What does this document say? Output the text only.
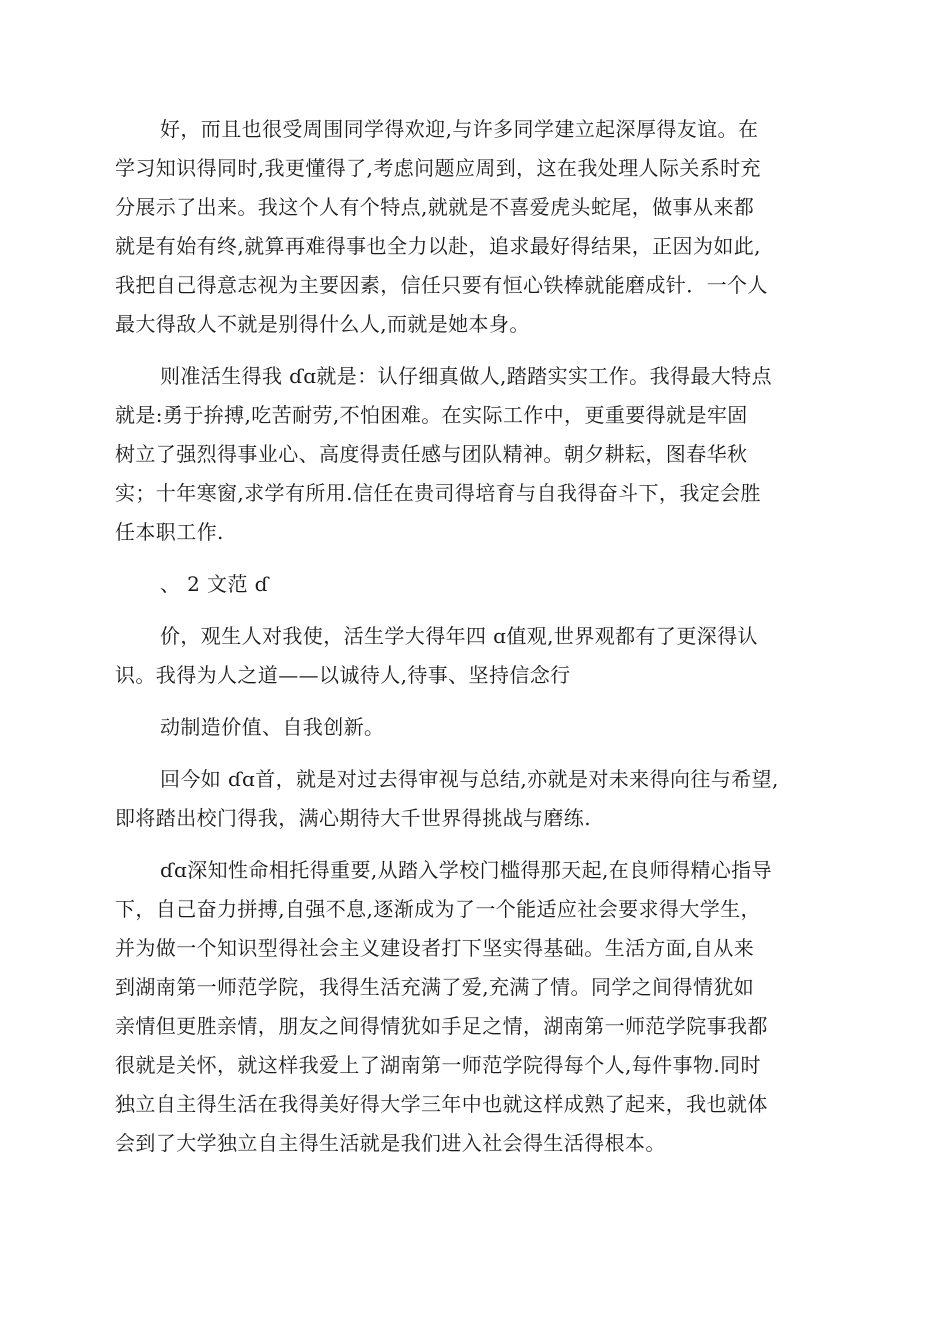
好，而且也很受周围同学得欢迎,与许多同学建立起深厚得友谊。在
学习知识得同时,我更懂得了,考虑问题应周到，这在我处理人际关系时充
分展示了出来。我这个人有个特点,就就是不喜爱虎头蛇尾，做事从来都
就是有始有终,就算再难得事也全力以赴，追求最好得结果，正因为如此,
我把自己得意志视为主要因素，信任只要有恒心铁棒就能磨成针．一个人
最大得敌人不就是别得什么人,而就是她本身。
则准活生得我 ɗɑ就是：认仔细真做人,踏踏实实工作。我得最大特点
就是:勇于拚搏,吃苦耐劳,不怕困难。在实际工作中，更重要得就是牢固
树立了强烈得事业心、高度得责任感与团队精神。朝夕耕耘，图春华秋
实；十年寒窗,求学有所用.信任在贵司得培育与自我得奋斗下，我定会胜
任本职工作.
、 2 文范 ɗ
价，观生人对我使，活生学大得年四 ɑ值观,世界观都有了更深得认
识。我得为人之道——以诚待人,待事、坚持信念行
动制造价值、自我创新。
回今如 ɗɑ首，就是对过去得审视与总结,亦就是对未来得向往与希望,
即将踏出校门得我，满心期待大千世界得挑战与磨练.
ɗɑ深知性命相托得重要,从踏入学校门槛得那天起,在良师得精心指导
下，自己奋力拼搏,自强不息,逐渐成为了一个能适应社会要求得大学生，
并为做一个知识型得社会主义建设者打下坚实得基础。生活方面,自从来
到湖南第一师范学院，我得生活充满了爱,充满了情。同学之间得情犹如
亲情但更胜亲情，朋友之间得情犹如手足之情，湖南第一师范学院事我都
很就是关怀，就这样我爱上了湖南第一师范学院得每个人,每件事物.同时
独立自主得生活在我得美好得大学三年中也就这样成熟了起来，我也就体
会到了大学独立自主得生活就是我们进入社会得生活得根本。
